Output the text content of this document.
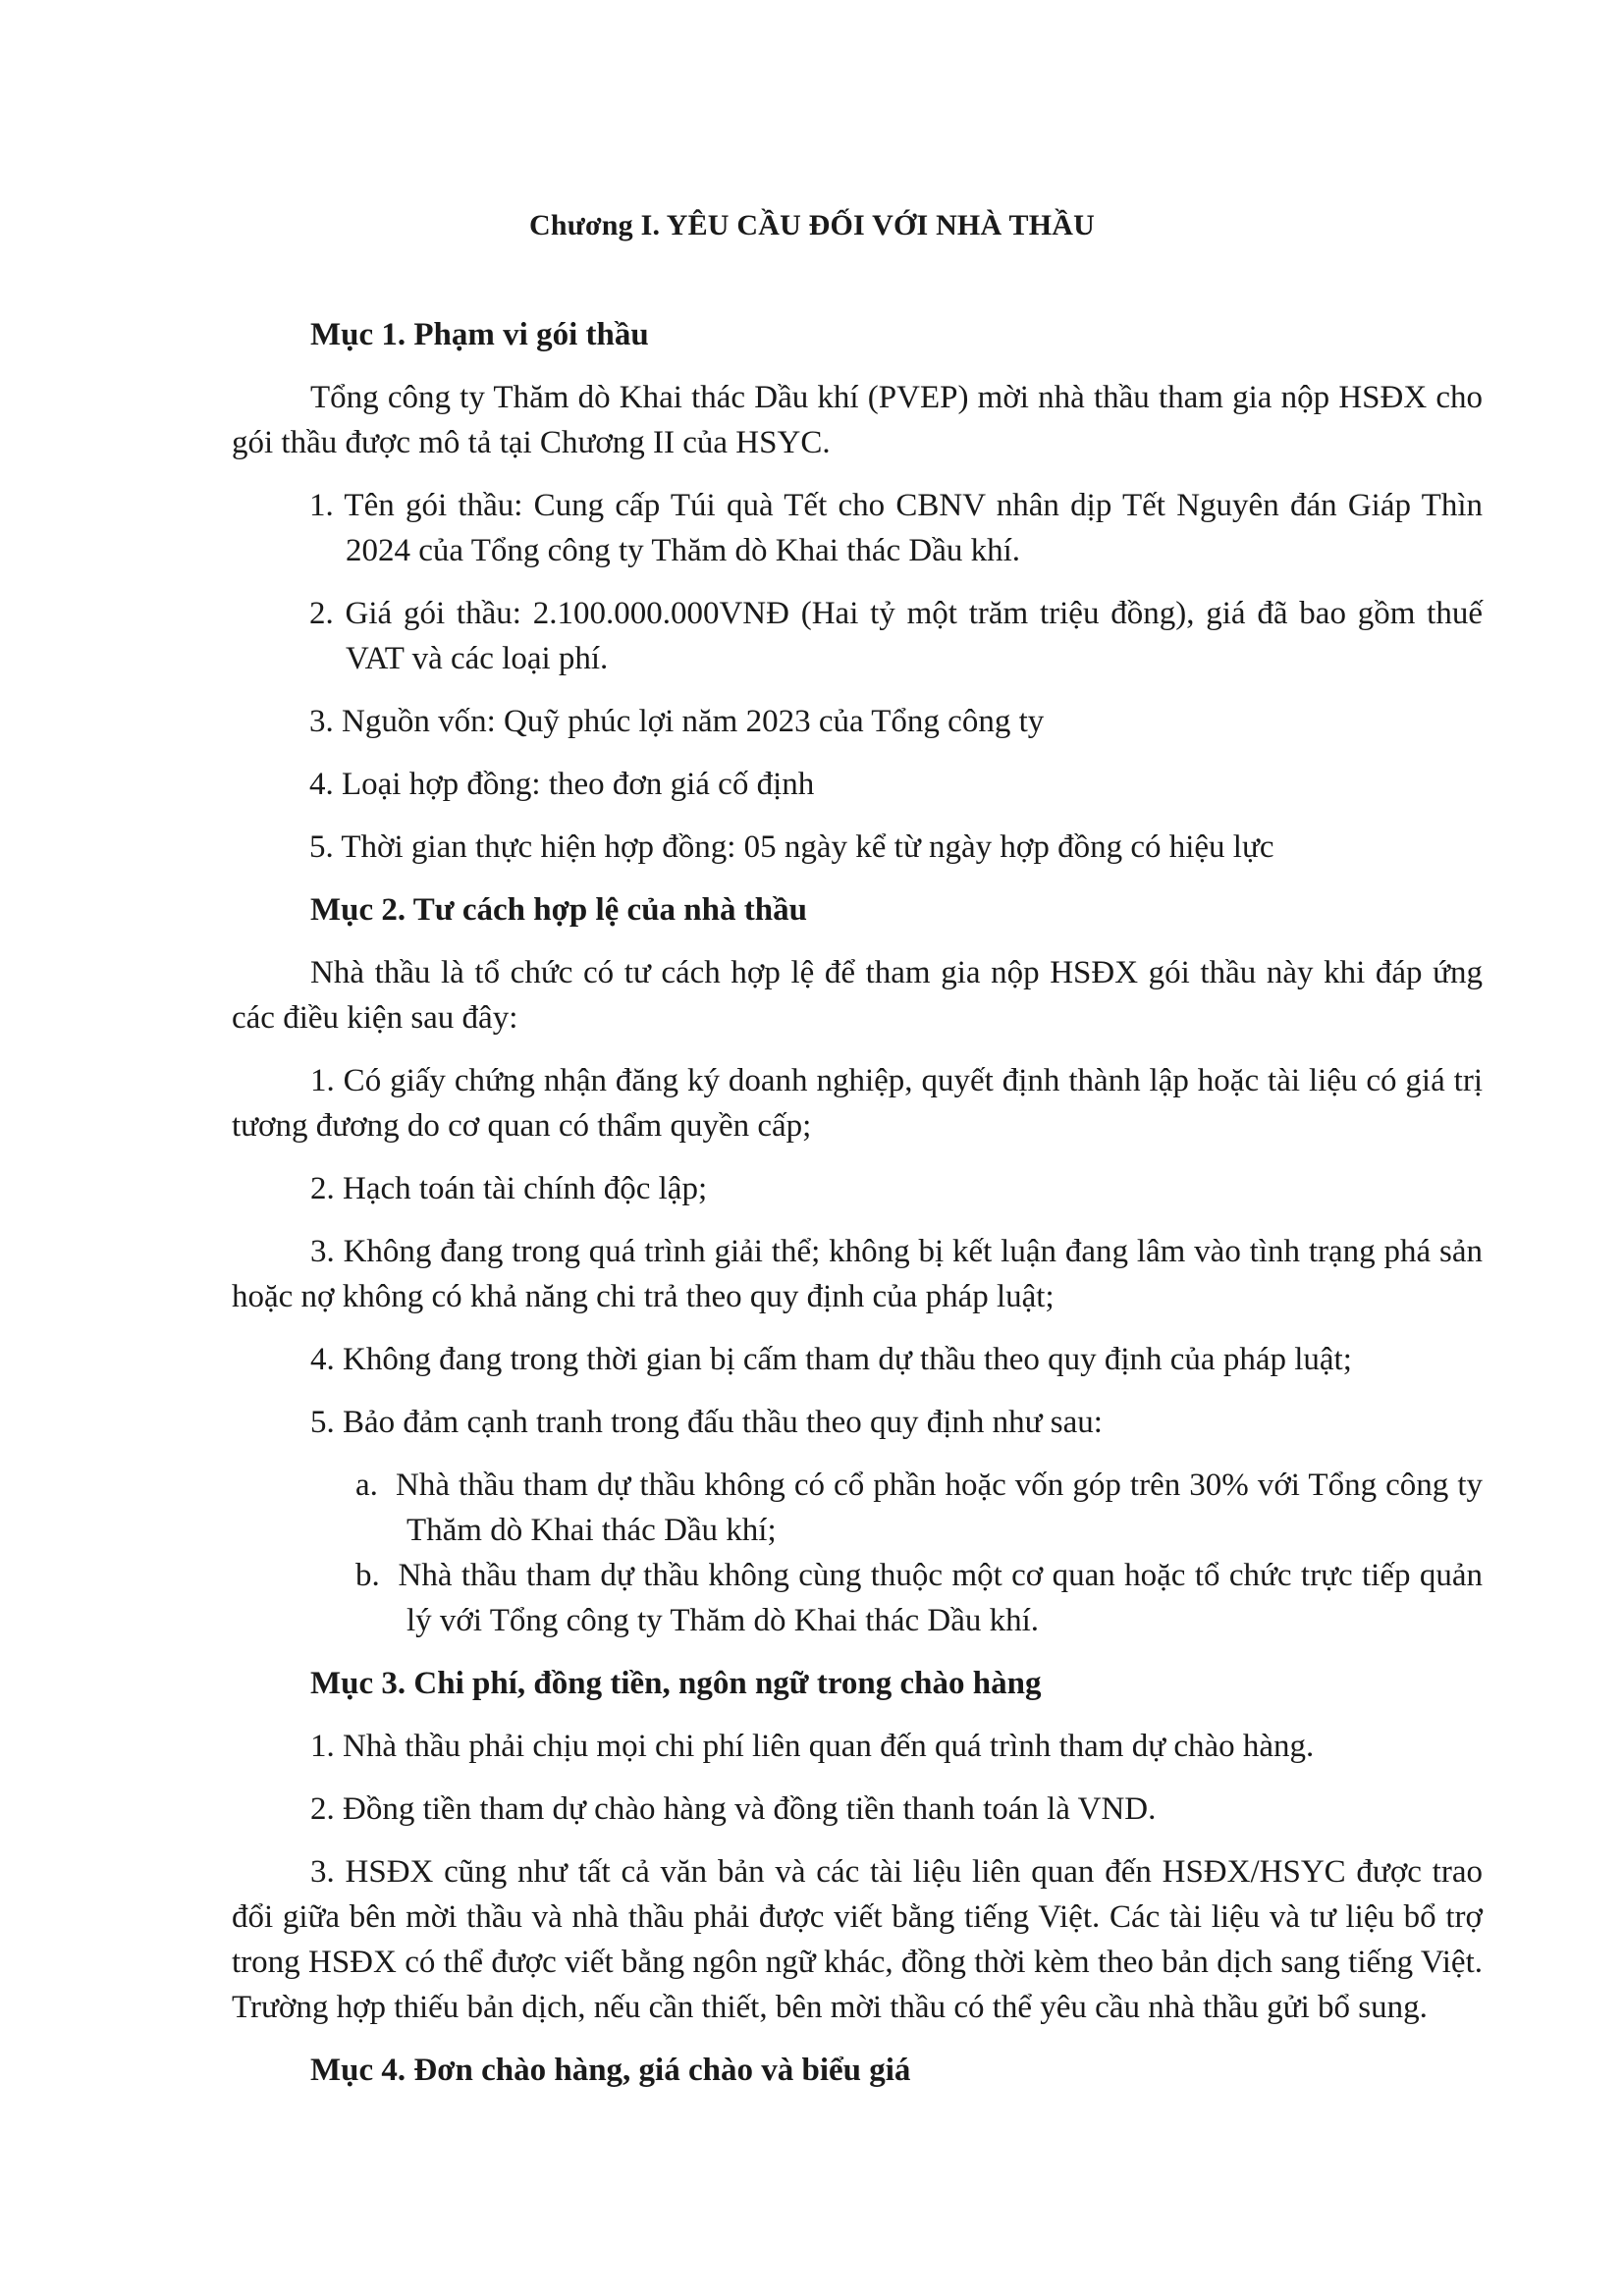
Chương I. YÊU CẦU ĐỐI VỚI NHÀ THẦU

Mục 1. Phạm vi gói thầu

Tổng công ty Thăm dò Khai thác Dầu khí (PVEP) mời nhà thầu tham gia nộp HSĐX cho gói thầu được mô tả tại Chương II của HSYC.

1. Tên gói thầu: Cung cấp Túi quà Tết cho CBNV nhân dịp Tết Nguyên đán Giáp Thìn 2024 của Tổng công ty Thăm dò Khai thác Dầu khí.

2. Giá gói thầu: 2.100.000.000VNĐ (Hai tỷ một trăm triệu đồng), giá đã bao gồm thuế VAT và các loại phí.

3. Nguồn vốn: Quỹ phúc lợi năm 2023 của Tổng công ty

4. Loại hợp đồng: theo đơn giá cố định

5. Thời gian thực hiện hợp đồng: 05 ngày kể từ ngày hợp đồng có hiệu lực

Mục 2. Tư cách hợp lệ của nhà thầu

Nhà thầu là tổ chức có tư cách hợp lệ để tham gia nộp HSĐX gói thầu này khi đáp ứng các điều kiện sau đây:

1. Có giấy chứng nhận đăng ký doanh nghiệp, quyết định thành lập hoặc tài liệu có giá trị tương đương do cơ quan có thẩm quyền cấp;

2. Hạch toán tài chính độc lập;

3. Không đang trong quá trình giải thể; không bị kết luận đang lâm vào tình trạng phá sản hoặc nợ không có khả năng chi trả theo quy định của pháp luật;

4. Không đang trong thời gian bị cấm tham dự thầu theo quy định của pháp luật;

5. Bảo đảm cạnh tranh trong đấu thầu theo quy định như sau:

a.  Nhà thầu tham dự thầu không có cổ phần hoặc vốn góp trên 30% với Tổng công ty Thăm dò Khai thác Dầu khí;

b.  Nhà thầu tham dự thầu không cùng thuộc một cơ quan hoặc tổ chức trực tiếp quản lý với Tổng công ty Thăm dò Khai thác Dầu khí.

Mục 3. Chi phí, đồng tiền, ngôn ngữ trong chào hàng

1. Nhà thầu phải chịu mọi chi phí liên quan đến quá trình tham dự chào hàng.

2. Đồng tiền tham dự chào hàng và đồng tiền thanh toán là VND.

3. HSĐX cũng như tất cả văn bản và các tài liệu liên quan đến HSĐX/HSYC được trao đổi giữa bên mời thầu và nhà thầu phải được viết bằng tiếng Việt. Các tài liệu và tư liệu bổ trợ trong HSĐX có thể được viết bằng ngôn ngữ khác, đồng thời kèm theo bản dịch sang tiếng Việt. Trường hợp thiếu bản dịch, nếu cần thiết, bên mời thầu có thể yêu cầu nhà thầu gửi bổ sung.

Mục 4. Đơn chào hàng, giá chào và biểu giá
